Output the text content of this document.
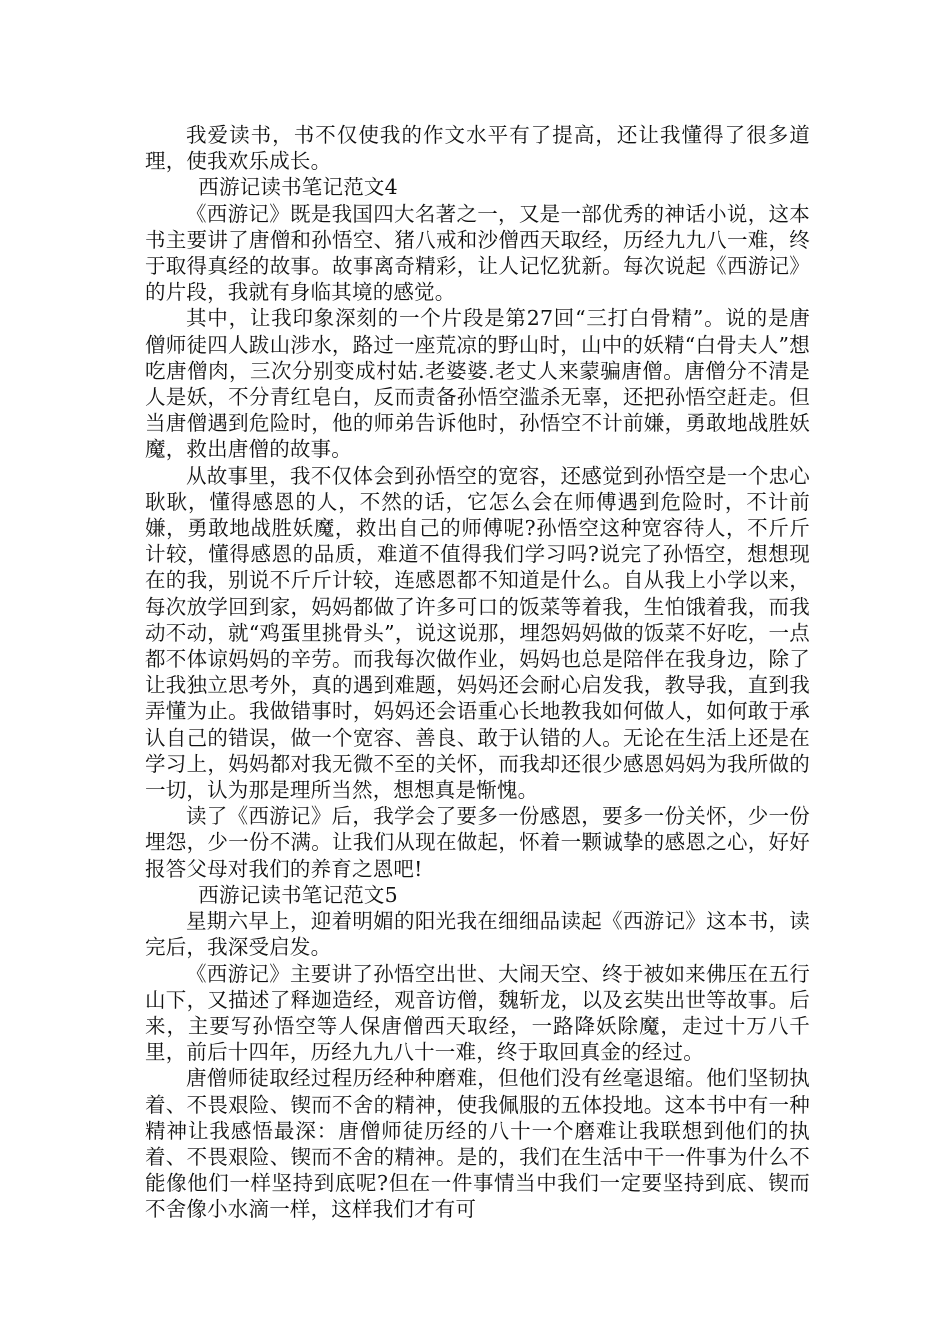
我爱读书，书不仅使我的作文水平有了提高，还让我懂得了很多道理，使我欢乐成长。

西游记读书笔记范文4

《西游记》既是我国四大名著之一，又是一部优秀的神话小说，这本书主要讲了唐僧和孙悟空、猪八戒和沙僧西天取经，历经九九八一难，终于取得真经的故事。故事离奇精彩，让人记忆犹新。每次说起《西游记》的片段，我就有身临其境的感觉。

其中，让我印象深刻的一个片段是第27回“三打白骨精”。说的是唐僧师徒四人跋山涉水，路过一座荒凉的野山时，山中的妖精“白骨夫人”想吃唐僧肉，三次分别变成村姑.老婆婆.老丈人来蒙骗唐僧。唐僧分不清是人是妖，不分青红皂白，反而责备孙悟空滥杀无辜，还把孙悟空赶走。但当唐僧遇到危险时，他的师弟告诉他时，孙悟空不计前嫌，勇敢地战胜妖魔，救出唐僧的故事。

从故事里，我不仅体会到孙悟空的宽容，还感觉到孙悟空是一个忠心耿耿，懂得感恩的人，不然的话，它怎么会在师傅遇到危险时，不计前嫌，勇敢地战胜妖魔，救出自己的师傅呢?孙悟空这种宽容待人，不斤斤计较，懂得感恩的品质，难道不值得我们学习吗?说完了孙悟空，想想现在的我，别说不斤斤计较，连感恩都不知道是什么。自从我上小学以来，每次放学回到家，妈妈都做了许多可口的饭菜等着我，生怕饿着我，而我动不动，就“鸡蛋里挑骨头”，说这说那，埋怨妈妈做的饭菜不好吃，一点都不体谅妈妈的辛劳。而我每次做作业，妈妈也总是陪伴在我身边，除了让我独立思考外，真的遇到难题，妈妈还会耐心启发我，教导我，直到我弄懂为止。我做错事时，妈妈还会语重心长地教我如何做人，如何敢于承认自己的错误，做一个宽容、善良、敢于认错的人。无论在生活上还是在学习上，妈妈都对我无微不至的关怀，而我却还很少感恩妈妈为我所做的一切，认为那是理所当然，想想真是惭愧。

读了《西游记》后，我学会了要多一份感恩，要多一份关怀，少一份埋怨，少一份不满。让我们从现在做起，怀着一颗诚挚的感恩之心，好好报答父母对我们的养育之恩吧!

西游记读书笔记范文5

星期六早上，迎着明媚的阳光我在细细品读起《西游记》这本书，读完后，我深受启发。

《西游记》主要讲了孙悟空出世、大闹天空、终于被如来佛压在五行山下，又描述了释迦造经，观音访僧，魏斩龙，以及玄奘出世等故事。后来，主要写孙悟空等人保唐僧西天取经，一路降妖除魔，走过十万八千里，前后十四年，历经九九八十一难，终于取回真金的经过。

唐僧师徒取经过程历经种种磨难，但他们没有丝毫退缩。他们坚韧执着、不畏艰险、锲而不舍的精神，使我佩服的五体投地。这本书中有一种精神让我感悟最深：唐僧师徒历经的八十一个磨难让我联想到他们的执着、不畏艰险、锲而不舍的精神。是的，我们在生活中干一件事为什么不能像他们一样坚持到底呢?但在一件事情当中我们一定要坚持到底、锲而不舍像小水滴一样，这样我们才有可
